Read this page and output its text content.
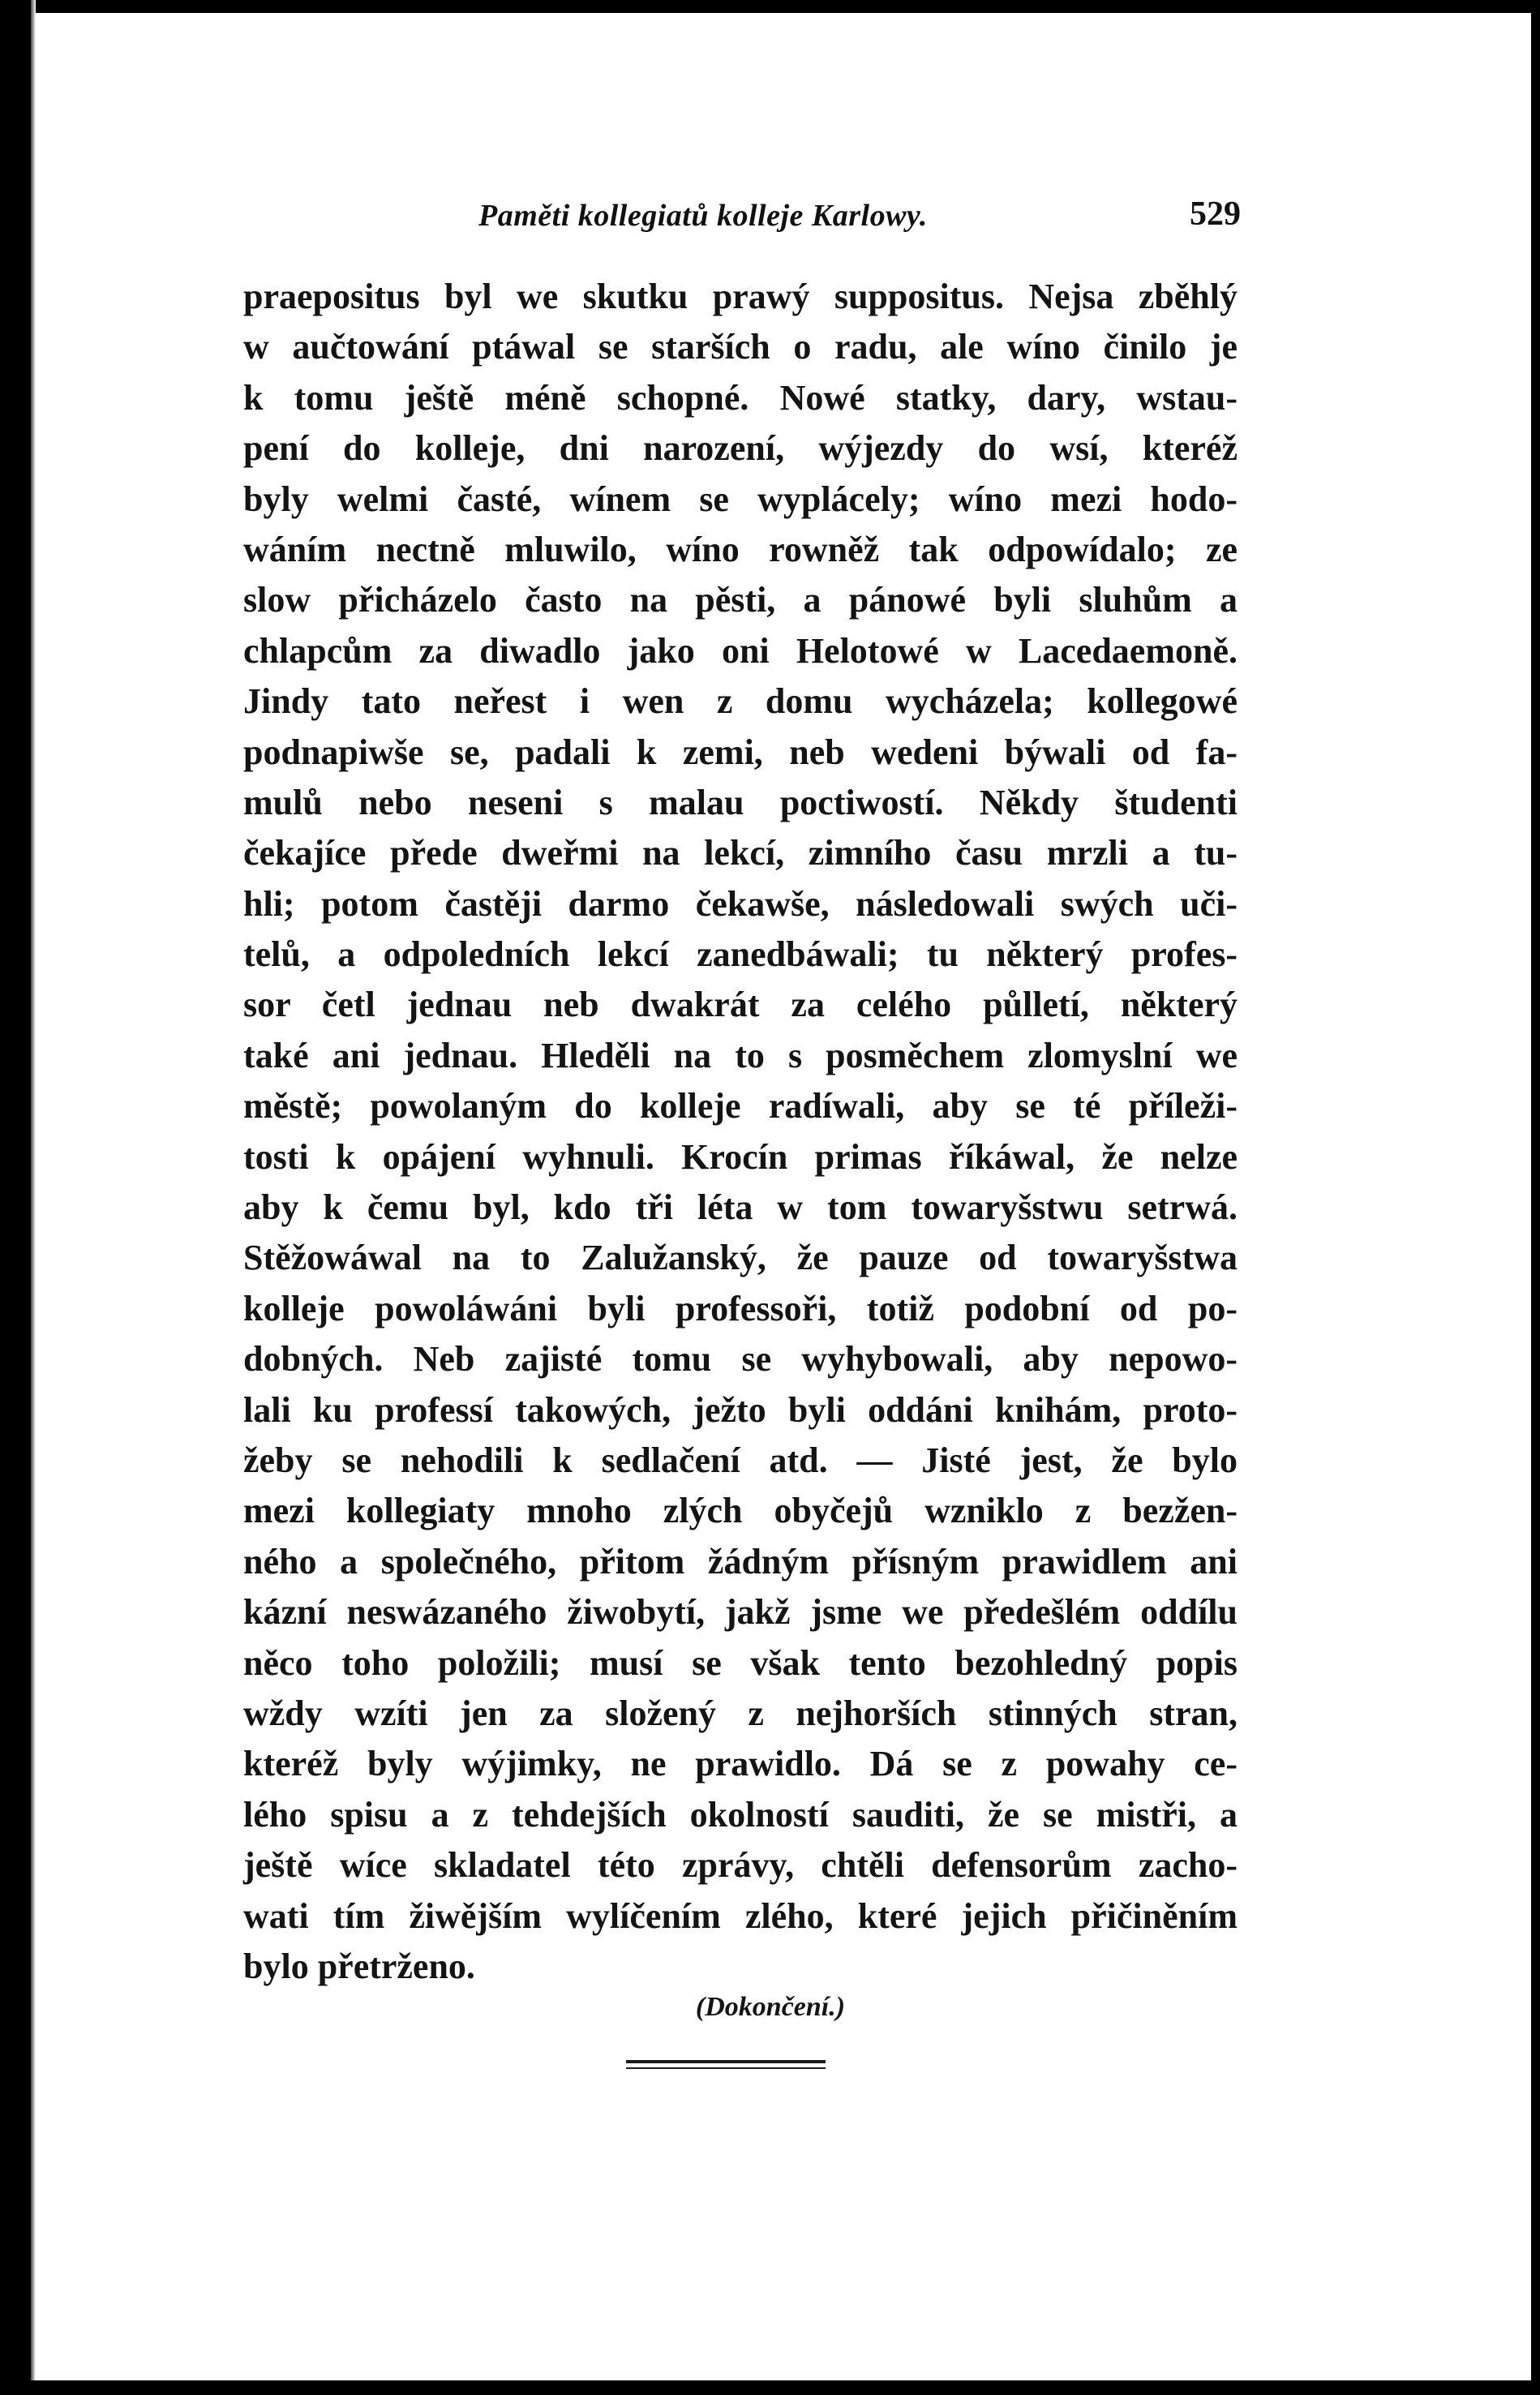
Paměti kollegiatů kolleje Karlowy.	529
praepositus byl we skutku prawý suppositus. Nejsa zběhlý
w aučtowání ptáwal se starších o radu, ale wíno činilo je
k tomu ještě méně schopné. Nowé statky, dary, wstau-
pení do kolleje, dni narození, wýjezdy do wsí, kteréž
byly welmi časté, wínem se wyplácely; wíno mezi hodo-
wáním nectně mluwilo, wíno rowněž tak odpowídalo; ze
slow přicházelo často na pěsti, a pánowé byli sluhům a
chlapcům za diwadlo jako oni Helotowé w Lacedaemoně.
Jindy tato neřest i wen z domu wycházela; kollegowé
podnapiwše se, padali k zemi, neb wedeni býwali od fa-
mulů nebo neseni s malau poctiwostí. Někdy študenti
čekajíce přede dweřmi na lekcí, zimního času mrzli a tu-
hli; potom častěji darmo čekawše, následowali swých uči-
telů, a odpoledních lekcí zanedbáwali; tu některý profes-
sor četl jednau neb dwakrát za celého půlletí, některý
také ani jednau. Hleděli na to s posměchem zlomyslní we
městě; powolaným do kolleje radíwali, aby se té příleži-
tosti k opájení wyhnuli. Krocín primas říkáwal, že nelze
aby k čemu byl, kdo tři léta w tom towaryšstwu setrwá.
Stěžowáwal na to Zalužanský, že pauze od towaryšstwa
kolleje powoláwáni byli professoři, totiž podobní od po-
dobných. Neb zajisté tomu se wyhybowali, aby nepowo-
lali ku professí takowých, ježto byli oddáni knihám, proto-
žeby se nehodili k sedlačení atd. — Jisté jest, že bylo
mezi kollegiaty mnoho zlých obyčejů wzniklo z bezžen-
ného a společného, přitom žádným přísným prawidlem ani
kázní neswázaného žiwobytí, jakž jsme we předešlém oddílu
něco toho položili; musí se však tento bezohledný popis
wždy wzíti jen za složený z nejhorších stinných stran,
kteréž byly wýjimky, ne prawidlo. Dá se z powahy ce-
lého spisu a z tehdejších okolností sauditi, že se mistři, a
ještě wíce skladatel této zprávy, chtěli defensorům zacho-
wati tím žiwějším wylíčením zlého, které jejich přičiněním
bylo přetrženo.
(Dokončení.)
